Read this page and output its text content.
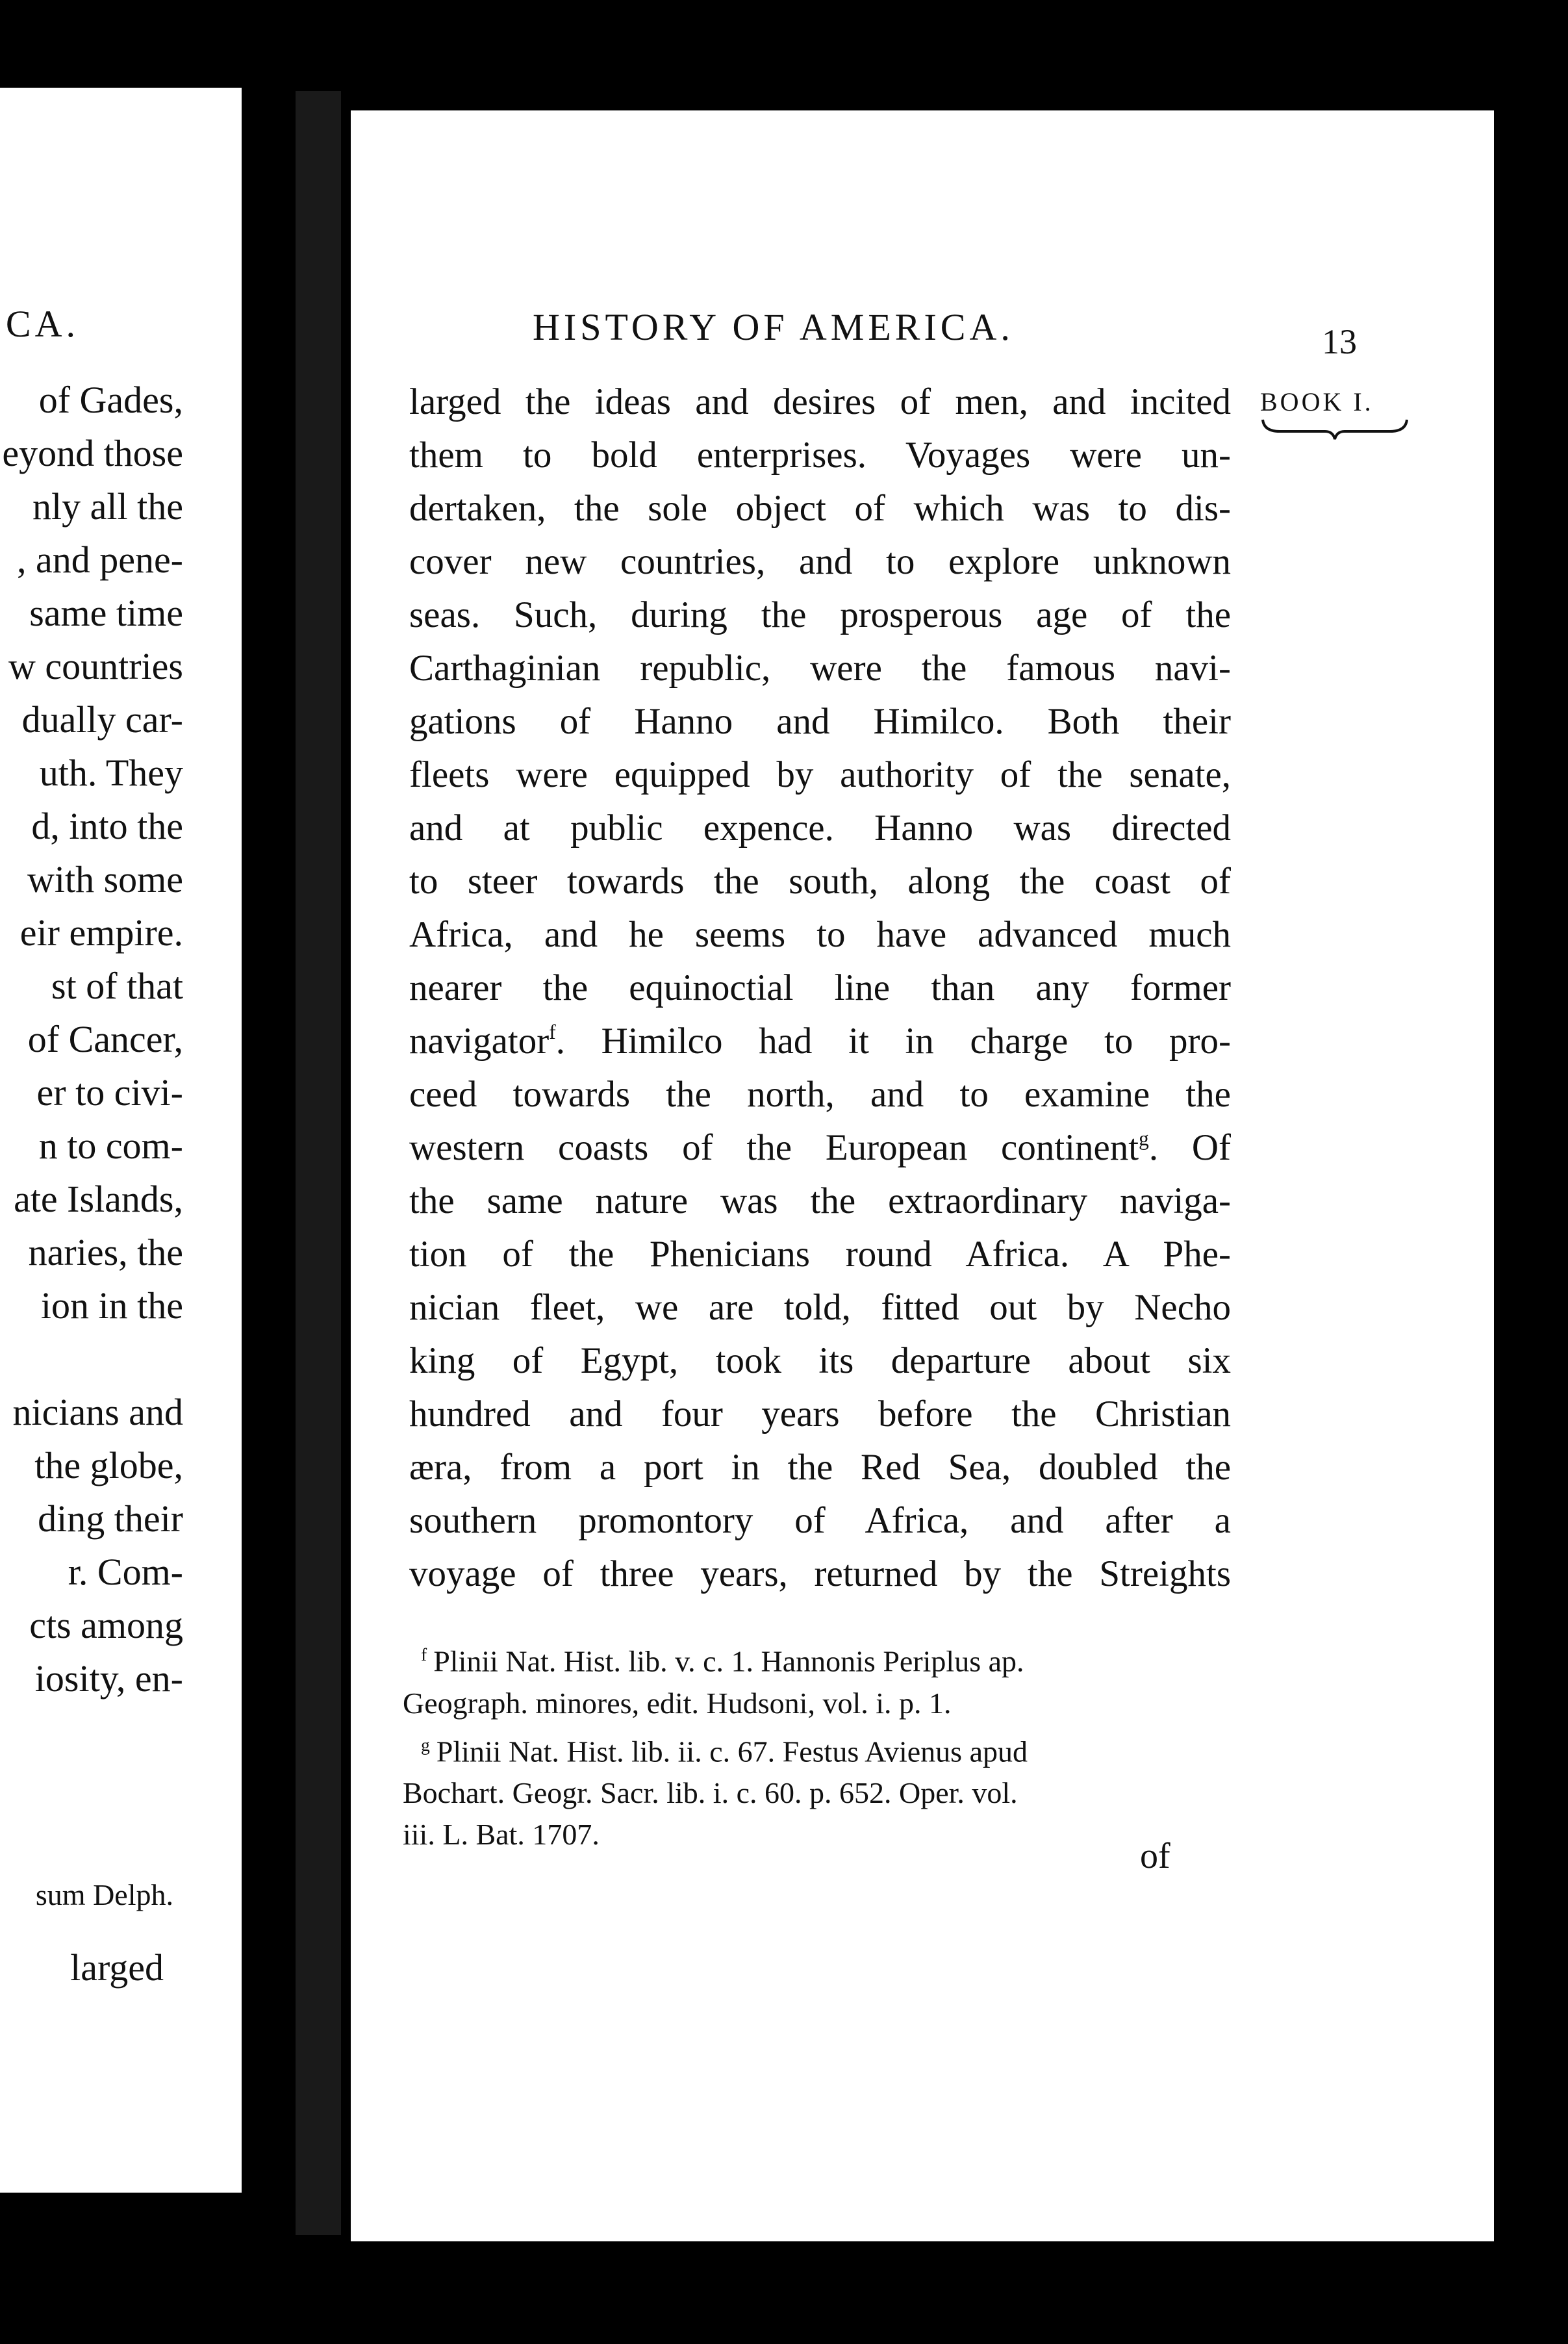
CA.
of Gades,
eyond those
nly all the
, and pene-
same time
w countries
dually car-
uth. They
d, into the
with some
eir empire.
st of that
of Cancer,
er to civi-
n to com-
ate Islands,
naries, the
ion in the
nicians and
the globe,
ding their
r. Com-
cts among
iosity, en-
sum Delph.
larged
HISTORY OF AMERICA.	13
BOOK I.
larged the ideas and desires of men, and incited
them to bold enterprises. Voyages were un-
dertaken, the sole object of which was to dis-
cover new countries, and to explore unknown
seas. Such, during the prosperous age of the
Carthaginian republic, were the famous navi-
gations of Hanno and Himilco. Both their
fleets were equipped by authority of the senate,
and at public expence. Hanno was directed
to steer towards the south, along the coast of
Africa, and he seems to have advanced much
nearer the equinoctial line than any former
navigator$^f$. Himilco had it in charge to pro-
ceed towards the north, and to examine the
western coasts of the European continent$^g$. Of
the same nature was the extraordinary naviga-
tion of the Phenicians round Africa. A Phe-
nician fleet, we are told, fitted out by Necho
king of Egypt, took its departure about six
hundred and four years before the Christian
æra, from a port in the Red Sea, doubled the
southern promontory of Africa, and after a
voyage of three years, returned by the Streights
$^f$ Plinii Nat. Hist. lib. v. c. 1. Hannonis Periplus ap.
Geograph. minores, edit. Hudsoni, vol. i. p. 1.
$^g$ Plinii Nat. Hist. lib. ii. c. 67. Festus Avienus apud
Bochart. Geogr. Sacr. lib. i. c. 60. p. 652. Oper. vol.
iii. L. Bat. 1707.
of
